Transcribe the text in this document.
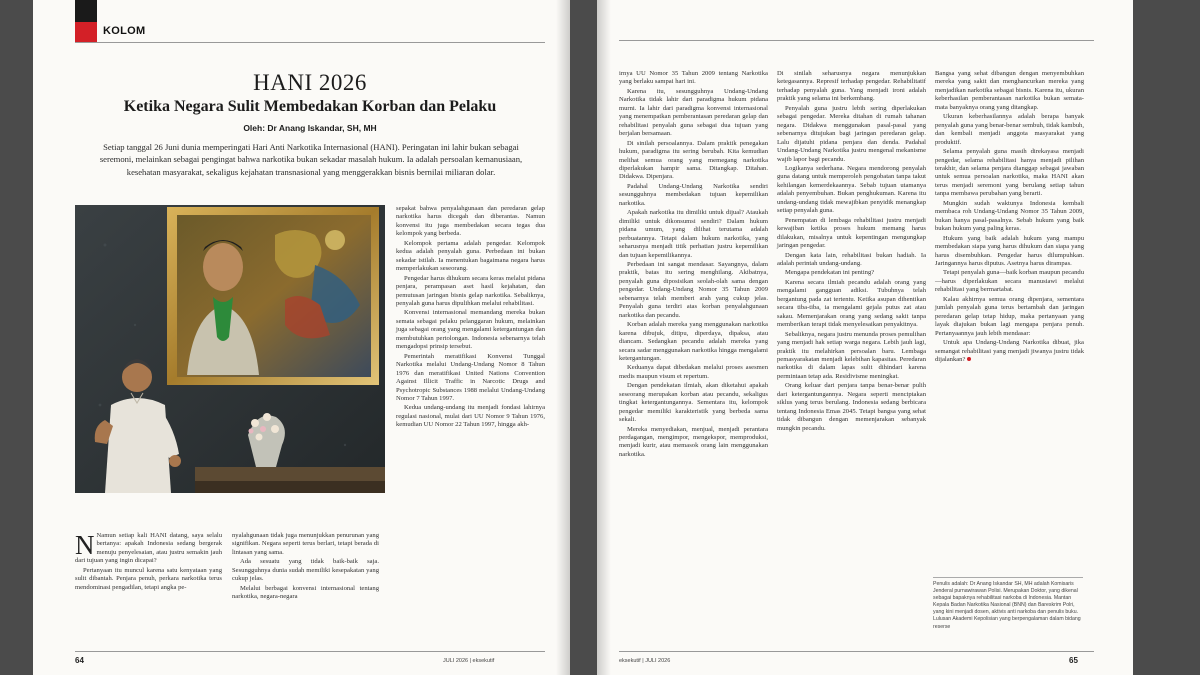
KOLOM
HANI 2026
Ketika Negara Sulit Membedakan Korban dan Pelaku
Oleh: Dr Anang Iskandar, SH, MH
Setiap tanggal 26 Juni dunia memperingati Hari Anti Narkotika Internasional (HANI). Peringatan ini lahir bukan sebagai seremoni, melainkan sebagai pengingat bahwa narkotika bukan sekadar masalah hukum. Ia adalah persoalan kemanusiaan, kesehatan masyarakat, sekaligus kejahatan transnasional yang menggerakkan bisnis bernilai miliaran dolar.

sepakat bahwa penyalahgunaan dan peredaran gelap narkotika harus dicegah dan diberantas. Namun konvensi itu juga membedakan secara tegas dua kelompok yang berbeda.

Kelompok pertama adalah pengedar. Kelompok kedua adalah penyalah guna. Perbedaan ini bukan sekadar istilah. Ia menentukan bagaimana negara harus memperlakukan seseorang.

Pengedar harus dihukum secara keras melalui pidana penjara, perampasan aset hasil kejahatan, dan pemutusan jaringan bisnis gelap narkotika. Sebaliknya, penyalah guna harus dipulihkan melalui rehabilitasi.

Konvensi internasional memandang mereka bukan semata sebagai pelaku pelanggaran hukum, melainkan juga sebagai orang yang mengalami ketergantungan dan membutuhkan pertolongan. Indonesia sebenarnya telah mengadopsi prinsip tersebut.

Pemerintah meratifikasi Konvensi Tunggal Narkotika melalui Undang-Undang Nomor 8 Tahun 1976 dan meratifikasi United Nations Convention Against Illicit Traffic in Narcotic Drugs and Psychotropic Substances 1988 melalui Undang-Undang Nomor 7 Tahun 1997.

Kedua undang-undang itu menjadi fondasi lahirnya regulasi nasional, mulai dari UU Nomor 9 Tahun 1976, kemudian UU Nomor 22 Tahun 1997, hingga akh-

N Namun setiap kali HANI datang, saya selalu bertanya: apakah Indonesia sedang bergerak menuju penyelesaian, atau justru semakin jauh dari tujuan yang ingin dicapai?

Pertanyaan itu muncul karena satu kenyataan yang sulit dibantah. Penjara penuh, perkara narkotika terus mendominasi pengadilan, tetapi angka pe-

nyalahgunaan tidak juga menunjukkan penurunan yang signifikan. Negara seperti terus berlari, tetapi berada di lintasan yang sama.

Ada sesuatu yang tidak baik-baik saja. Sesungguhnya dunia sudah memiliki kesepakatan yang cukup jelas.

Melalui berbagai konvensi internasional tentang narkotika, negara-negara

64	JULI 2026 | eksekutif

irnya UU Nomor 35 Tahun 2009 tentang Narkotika yang berlaku sampai hari ini.

Karena itu, sesungguhnya Undang-Undang Narkotika tidak lahir dari paradigma hukum pidana murni. Ia lahir dari paradigma konvensi internasional yang menempatkan pemberantasan peredaran gelap dan rehabilitasi penyalah guna sebagai dua tujuan yang berjalan bersamaan.

Di sinilah persoalannya. Dalam praktik penegakan hukum, paradigma itu sering berubah. Kita kemudian melihat semua orang yang memegang narkotika diperlakukan hampir sama. Ditangkap. Ditahan. Didakwa. Dipenjara.

Padahal Undang-Undang Narkotika sendiri sesungguhnya membedakan tujuan kepemilikan narkotika.

Apakah narkotika itu dimiliki untuk dijual? Ataukah dimiliki untuk dikonsumsi sendiri? Dalam hukum pidana umum, yang dilihat terutama adalah perbuatannya. Tetapi dalam hukum narkotika, yang seharusnya menjadi titik perhatian justru kepemilikan dan tujuan kepemilikannya.

Perbedaan ini sangat mendasar. Sayangnya, dalam praktik, batas itu sering menghilang. Akibatnya, penyalah guna diposisikan seolah-olah sama dengan pengedar. Undang-Undang Nomor 35 Tahun 2009 sebenarnya telah memberi arah yang cukup jelas. Penyalah guna terdiri atas korban penyalahgunaan narkotika dan pecandu.

Korban adalah mereka yang menggunakan narkotika karena dibujuk, ditipu, diperdaya, dipaksa, atau diancam. Sedangkan pecandu adalah mereka yang secara sadar menggunakan narkotika hingga mengalami ketergantungan.

Keduanya dapat dibedakan melalui proses asesmen medis maupun visum et repertum.

Dengan pendekatan ilmiah, akan diketahui apakah seseorang merupakan korban atau pecandu, sekaligus tingkat ketergantungannya. Sementara itu, kelompok pengedar memiliki karakteristik yang berbeda sama sekali.

Mereka menyediakan, menjual, menjadi perantara perdagangan, mengimpor, mengekspor, memproduksi, menjadi kurir, atau memasok orang lain menggunakan narkotika.

Di sinilah seharusnya negara menunjukkan ketegasannya. Represif terhadap pengedar. Rehabilitatif terhadap penyalah guna. Yang menjadi ironi adalah praktik yang selama ini berkembang.

Penyalah guna justru lebih sering diperlakukan sebagai pengedar. Mereka ditahan di rumah tahanan negara. Didakwa menggunakan pasal-pasal yang sebenarnya ditujukan bagi jaringan peredaran gelap. Lalu dijatuhi pidana penjara dan denda. Padahal Undang-Undang Narkotika justru mengenal mekanisme wajib lapor bagi pecandu.

Logikanya sederhana. Negara mendorong penyalah guna datang untuk memperoleh pengobatan tanpa takut kehilangan kemerdekaannya. Sebab tujuan utamanya adalah penyembuhan. Bukan penghukuman. Karena itu undang-undang tidak mewajibkan penyidik menangkap setiap penyalah guna.

Penempatan di lembaga rehabilitasi justru menjadi kewajiban ketika proses hukum memang harus dilakukan, misalnya untuk kepentingan mengungkap jaringan pengedar.

Dengan kata lain, rehabilitasi bukan hadiah. Ia adalah perintah undang-undang.

Mengapa pendekatan ini penting?

Karena secara ilmiah pecandu adalah orang yang mengalami gangguan adiksi. Tubuhnya telah bergantung pada zat tertentu. Ketika asupan dihentikan secara tiba-tiba, ia mengalami gejala putus zat atau sakau. Memenjarakan orang yang sedang sakit tanpa memberikan terapi tidak menyelesaikan penyakitnya.

Sebaliknya, negara justru menunda proses pemulihan yang menjadi hak setiap warga negara. Lebih jauh lagi, praktik itu melahirkan persoalan baru. Lembaga pemasyarakatan menjadi kelebihan kapasitas. Peredaran narkotika di dalam lapas sulit dihindari karena permintaan tetap ada. Residivisme meningkat.

Orang keluar dari penjara tanpa benar-benar pulih dari ketergantungannya. Negara seperti menciptakan siklus yang terus berulang. Indonesia sedang berbicara tentang Indonesia Emas 2045. Tetapi bangsa yang sehat tidak dibangun dengan memenjarakan sebanyak mungkin pecandu.

Bangsa yang sehat dibangun dengan menyembuhkan mereka yang sakit dan menghancurkan mereka yang menjadikan narkotika sebagai bisnis. Karena itu, ukuran keberhasilan pemberantasan narkotika bukan semata-mata banyaknya orang yang ditangkap.

Ukuran keberhasilannya adalah berapa banyak penyalah guna yang benar-benar sembuh, tidak kambuh, dan kembali menjadi anggota masyarakat yang produktif.

Selama penyalah guna masih direkayasa menjadi pengedar, selama rehabilitasi hanya menjadi pilihan terakhir, dan selama penjara dianggap sebagai jawaban untuk semua persoalan narkotika, maka HANI akan terus menjadi seremoni yang berulang setiap tahun tanpa membawa perubahan yang berarti.

Mungkin sudah waktunya Indonesia kembali membaca roh Undang-Undang Nomor 35 Tahun 2009, bukan hanya pasal-pasalnya. Sebab hukum yang baik bukan hukum yang paling keras.

Hukum yang baik adalah hukum yang mampu membedakan siapa yang harus dihukum dan siapa yang harus disembuhkan. Pengedar harus dilumpuhkan. Jaringannya harus diputus. Asetnya harus dirampas.

Tetapi penyalah guna—baik korban maupun pecandu—harus diperlakukan secara manusiawi melalui rehabilitasi yang bermartabat.

Kalau akhirnya semua orang dipenjara, sementara jumlah penyalah guna terus bertambah dan jaringan peredaran gelap tetap hidup, maka pertanyaan yang layak diajukan bukan lagi mengapa penjara penuh. Pertanyaannya jauh lebih mendasar:

Untuk apa Undang-Undang Narkotika dibuat, jika semangat rehabilitasi yang menjadi jiwanya justru tidak dijalankan?

Penulis adalah: Dr Anang Iskandar SH, MH adalah Komisaris Jenderal purnawirawan Polisi. Merupakan Doktor, yang dikenal sebagai bapaknya rehabilitasi narkoba di Indonesia. Mantan Kepala Badan Narkotika Nasional (BNN) dan Bareskrim Polri, yang kini menjadi dosen, aktivis anti narkoba dan penulis buku. Lulusan Akademi Kepolisian yang berpengalaman dalam bidang reserse
eksekutif | JULI 2026	65
